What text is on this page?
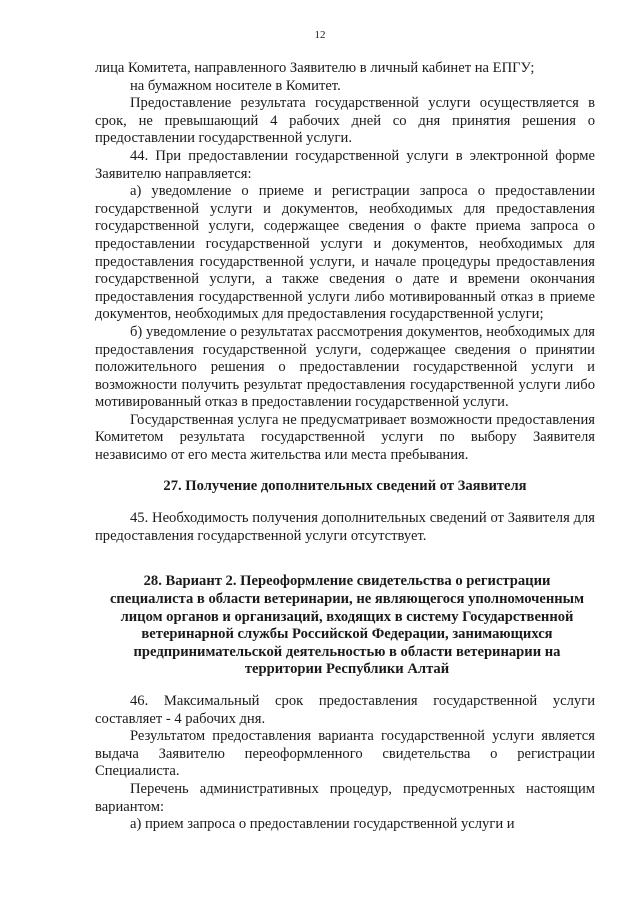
12

лица Комитета, направленного Заявителю в личный кабинет на ЕПГУ;

на бумажном носителе в Комитет.

Предоставление результата государственной услуги осуществляется в срок, не превышающий 4 рабочих дней со дня принятия решения о предоставлении государственной услуги.

44. При предоставлении государственной услуги в электронной форме Заявителю направляется:

а) уведомление о приеме и регистрации запроса о предоставлении государственной услуги и документов, необходимых для предоставления государственной услуги, содержащее сведения о факте приема запроса о предоставлении государственной услуги и документов, необходимых для предоставления государственной услуги, и начале процедуры предоставления государственной услуги, а также сведения о дате и времени окончания предоставления государственной услуги либо мотивированный отказ в приеме документов, необходимых для предоставления государственной услуги;

б) уведомление о результатах рассмотрения документов, необходимых для предоставления государственной услуги, содержащее сведения о принятии положительного решения о предоставлении государственной услуги и возможности получить результат предоставления государственной услуги либо мотивированный отказ в предоставлении государственной услуги.

Государственная услуга не предусматривает возможности предоставления Комитетом результата государственной услуги по выбору Заявителя независимо от его места жительства или места пребывания.

27. Получение дополнительных сведений от Заявителя

45. Необходимость получения дополнительных сведений от Заявителя для предоставления государственной услуги отсутствует.

28. Вариант 2. Переоформление свидетельства о регистрации специалиста в области ветеринарии, не являющегося уполномоченным лицом органов и организаций, входящих в систему Государственной ветеринарной службы Российской Федерации, занимающихся предпринимательской деятельностью в области ветеринарии на территории Республики Алтай

46. Максимальный срок предоставления государственной услуги составляет - 4 рабочих дня.

Результатом предоставления варианта государственной услуги является выдача Заявителю переоформленного свидетельства о регистрации Специалиста.

Перечень административных процедур, предусмотренных настоящим вариантом:

а) прием запроса о предоставлении государственной услуги и
